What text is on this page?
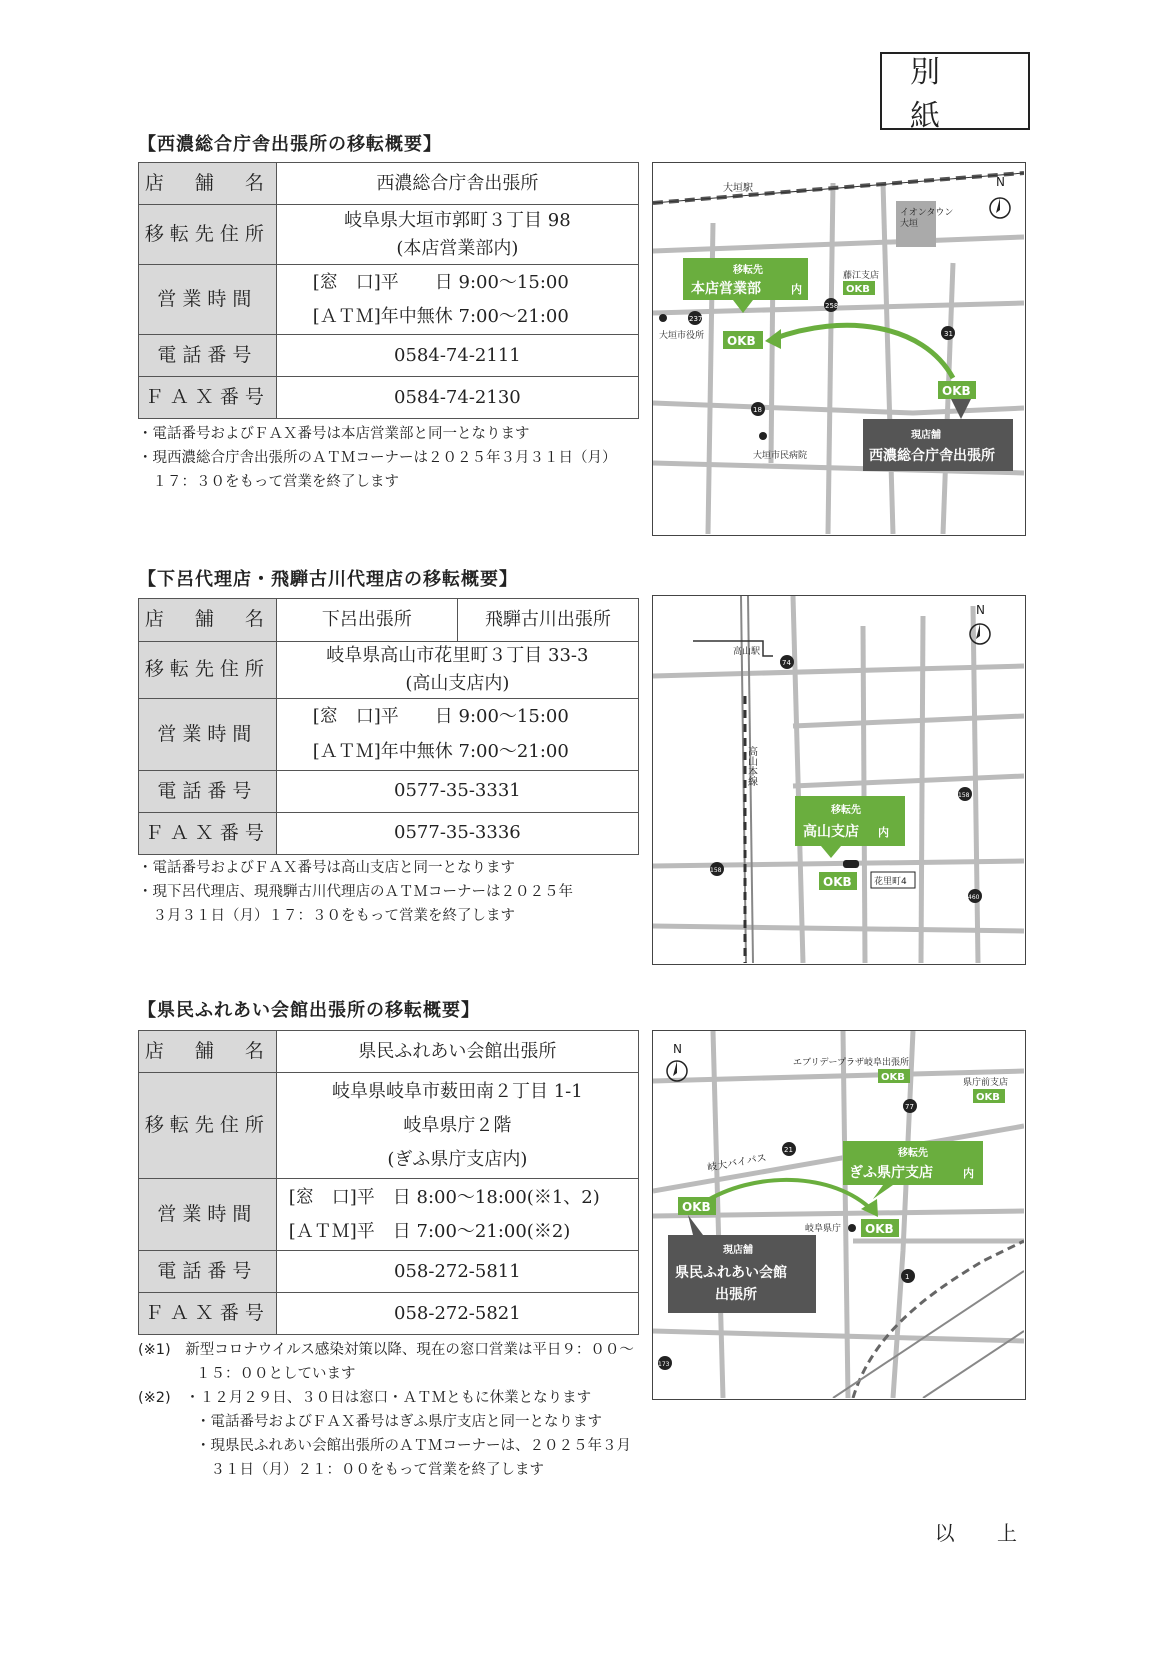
別 紙
【西濃総合庁舎出張所の移転概要】
店　舗　名	西濃総合庁舎出張所
移転先住所	岐阜県大垣市郭町３丁目 98
(本店営業部内)

営業時間	[窓　口]平　　日 9:00～15:00
[ＡＴＭ]年中無休 7:00～21:00

電話番号	0584-74-2111
ＦＡＸ番号	0584-74-2130
・電話番号およびＦＡＸ番号は本店営業部と同一となります
・現西濃総合庁舎出張所のＡＴＭコーナーは２０２５年３月３１日（月）
　１７：３０をもって営業を終了します
イオンタウン大垣
大垣駅	N
移転先
本店営業部	内
OKB
藤江支店
OKB
大垣市役所
大垣市民病院
237
258
31
18
OKB
現店舗
西濃総合庁舎出張所
【下呂代理店・飛騨古川代理店の移転概要】
店　舗　名	下呂出張所 飛騨古川出張所

移転先住所	岐阜県高山市花里町３丁目 33-3
(高山支店内)

営業時間	[窓　口]平　　日 9:00～15:00
[ＡＴＭ]年中無休 7:00～21:00

電話番号	0577-35-3331
ＦＡＸ番号	0577-35-3336
・電話番号およびＦＡＸ番号は高山支店と同一となります
・現下呂代理店、現飛騨古川代理店のＡＴＭコーナーは２０２５年
　３月３１日（月）１７：３０をもって営業を終了します
高山駅
高山本線
N
移転先
高山支店 内
OKB 花里町4
74
158
158
460
【県民ふれあい会館出張所の移転概要】
店　舗　名	県民ふれあい会館出張所
移転先住所	岐阜県岐阜市薮田南２丁目 1-1
岐阜県庁２階
(ぎふ県庁支店内)

営業時間	[窓　口]平　日 8:00～18:00(※1、2)
[ＡＴＭ]平　日 7:00～21:00(※2)

電話番号	058-272-5811
ＦＡＸ番号	058-272-5821
(※1)　新型コロナウイルス感染対策以降、現在の窓口営業は平日９：００～
　　　　１５：００としています
(※2)　・１２月２９日、３０日は窓口・ＡＴＭともに休業となります
　　　　・電話番号およびＦＡＸ番号はぎふ県庁支店と同一となります
　　　　・現県民ふれあい会館出張所のＡＴＭコーナーは、２０２５年３月
　　　　　３１日（月）２１：００をもって営業を終了します
N
エブリデープラザ岐阜出張所
OKB	県庁前支店
OKB
岐大バイパス	移転先
ぎふ県庁支店	内
岐阜県庁 OKB
OKB
現店舗
県民ふれあい会館
出張所
77
21
1
173
以 上
